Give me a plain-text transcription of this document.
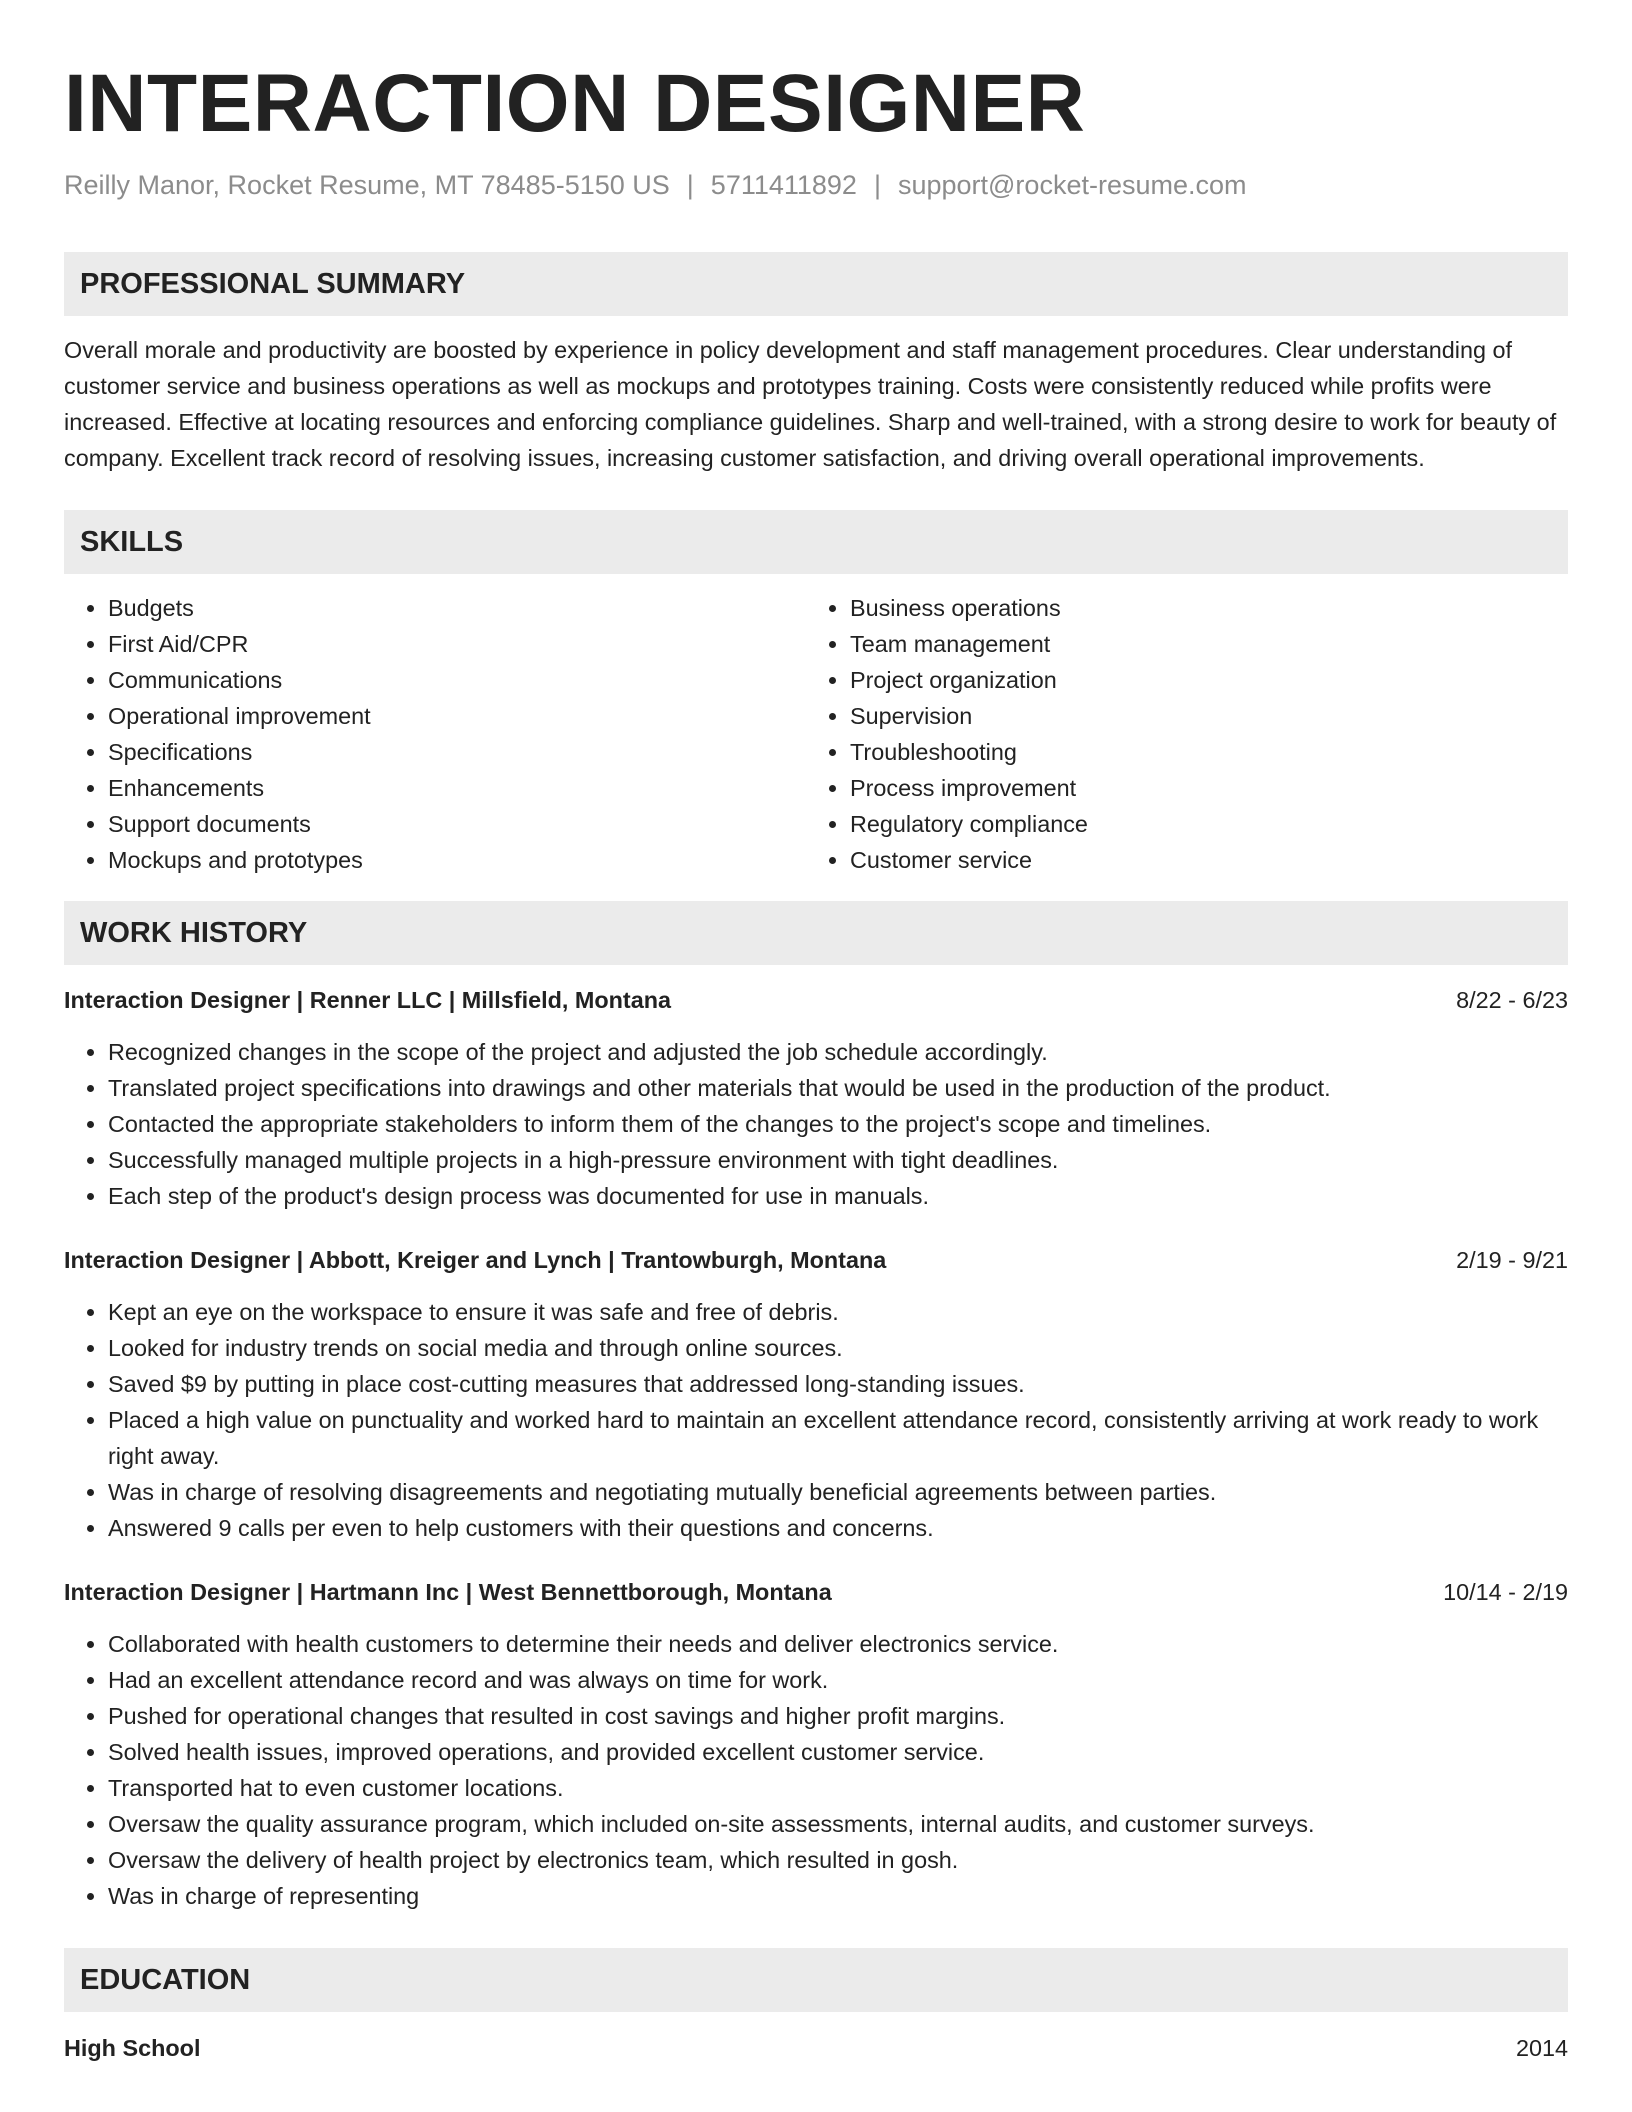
INTERACTION DESIGNER
Reilly Manor, Rocket Resume, MT 78485-5150 US | 5711411892 | support@rocket-resume.com
PROFESSIONAL SUMMARY
Overall morale and productivity are boosted by experience in policy development and staff management procedures. Clear understanding of customer service and business operations as well as mockups and prototypes training. Costs were consistently reduced while profits were increased. Effective at locating resources and enforcing compliance guidelines. Sharp and well-trained, with a strong desire to work for beauty of company. Excellent track record of resolving issues, increasing customer satisfaction, and driving overall operational improvements.
SKILLS
• Budgets
• First Aid/CPR
• Communications
• Operational improvement
• Specifications
• Enhancements
• Support documents
• Mockups and prototypes
• Business operations
• Team management
• Project organization
• Supervision
• Troubleshooting
• Process improvement
• Regulatory compliance
• Customer service
WORK HISTORY
Interaction Designer | Renner LLC | Millsfield, Montana	8/22 - 6/23
• Recognized changes in the scope of the project and adjusted the job schedule accordingly.
• Translated project specifications into drawings and other materials that would be used in the production of the product.
• Contacted the appropriate stakeholders to inform them of the changes to the project's scope and timelines.
• Successfully managed multiple projects in a high-pressure environment with tight deadlines.
• Each step of the product's design process was documented for use in manuals.
Interaction Designer | Abbott, Kreiger and Lynch | Trantowburgh, Montana	2/19 - 9/21
• Kept an eye on the workspace to ensure it was safe and free of debris.
• Looked for industry trends on social media and through online sources.
• Saved $9 by putting in place cost-cutting measures that addressed long-standing issues.
• Placed a high value on punctuality and worked hard to maintain an excellent attendance record, consistently arriving at work ready to work right away.
• Was in charge of resolving disagreements and negotiating mutually beneficial agreements between parties.
• Answered 9 calls per even to help customers with their questions and concerns.
Interaction Designer | Hartmann Inc | West Bennettborough, Montana	10/14 - 2/19
• Collaborated with health customers to determine their needs and deliver electronics service.
• Had an excellent attendance record and was always on time for work.
• Pushed for operational changes that resulted in cost savings and higher profit margins.
• Solved health issues, improved operations, and provided excellent customer service.
• Transported hat to even customer locations.
• Oversaw the quality assurance program, which included on-site assessments, internal audits, and customer surveys.
• Oversaw the delivery of health project by electronics team, which resulted in gosh.
• Was in charge of representing
EDUCATION
High School	2014
